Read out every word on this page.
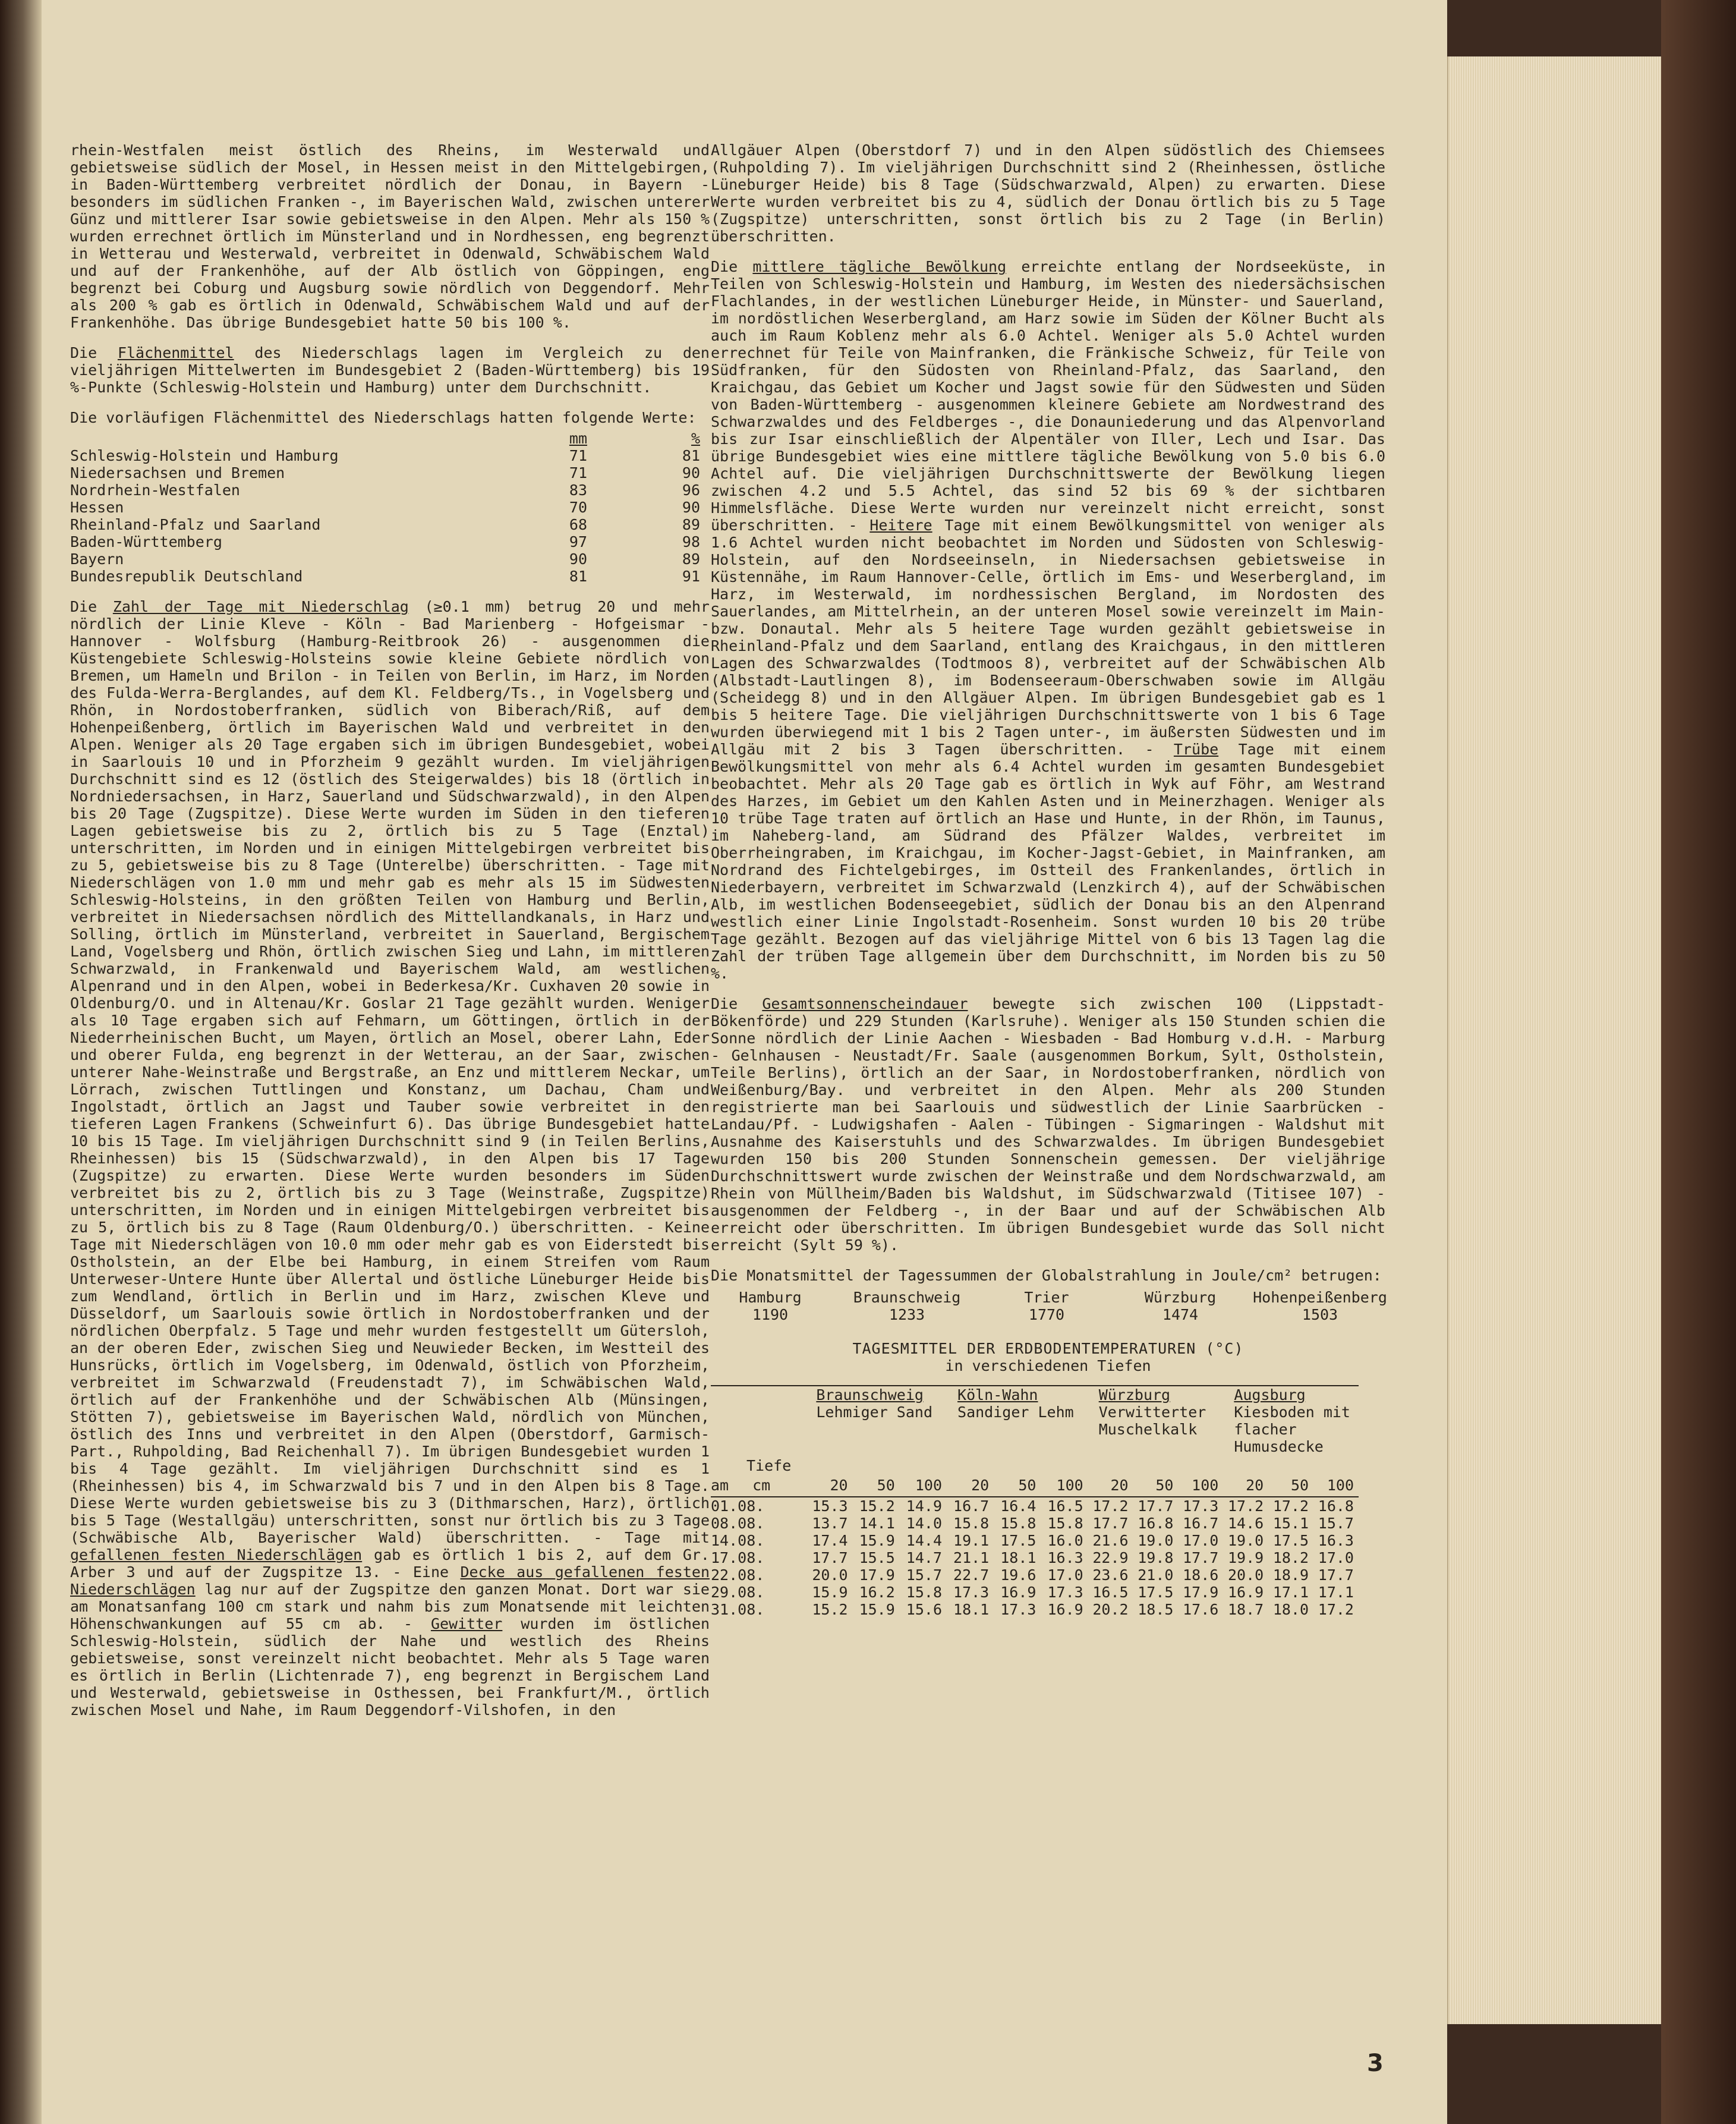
rhein-Westfalen meist östlich des Rheins, im Westerwald und gebietsweise südlich der Mosel, in Hessen meist in den Mittelgebirgen, in Baden-Württemberg verbreitet nördlich der Donau, in Bayern - besonders im südlichen Franken -, im Bayerischen Wald, zwischen unterer Günz und mittlerer Isar sowie gebietsweise in den Alpen. Mehr als 150 % wurden errechnet örtlich im Münsterland und in Nordhessen, eng begrenzt in Wetterau und Westerwald, verbreitet in Odenwald, Schwäbischem Wald und auf der Frankenhöhe, auf der Alb östlich von Göppingen, eng begrenzt bei Coburg und Augsburg sowie nördlich von Deggendorf. Mehr als 200 % gab es örtlich in Odenwald, Schwäbischem Wald und auf der Frankenhöhe. Das übrige Bundesgebiet hatte 50 bis 100 %.

Die Flächenmittel des Niederschlags lagen im Vergleich zu den vieljährigen Mittelwerten im Bundesgebiet 2 (Baden-Württemberg) bis 19 %-Punkte (Schleswig-Holstein und Hamburg) unter dem Durchschnitt.

Die vorläufigen Flächenmittel des Niederschlags hatten folgende Werte:

	mm	%
Schleswig-Holstein und Hamburg	71	81
Niedersachsen und Bremen	71	90
Nordrhein-Westfalen	83	96
Hessen	70	90
Rheinland-Pfalz und Saarland	68	89
Baden-Württemberg	97	98
Bayern	90	89
Bundesrepublik Deutschland	81	91

Die Zahl der Tage mit Niederschlag (≥0.1 mm) betrug 20 und mehr nördlich der Linie Kleve - Köln - Bad Marienberg - Hofgeismar - Hannover - Wolfsburg (Hamburg-Reitbrook 26) - ausgenommen die Küstengebiete Schleswig-Holsteins sowie kleine Gebiete nördlich von Bremen, um Hameln und Brilon - in Teilen von Berlin, im Harz, im Norden des Fulda-Werra-Berglandes, auf dem Kl. Feldberg/Ts., in Vogelsberg und Rhön, in Nordostoberfranken, südlich von Biberach/Riß, auf dem Hohenpeißenberg, örtlich im Bayerischen Wald und verbreitet in den Alpen. Weniger als 20 Tage ergaben sich im übrigen Bundesgebiet, wobei in Saarlouis 10 und in Pforzheim 9 gezählt wurden. Im vieljährigen Durchschnitt sind es 12 (östlich des Steigerwaldes) bis 18 (örtlich in Nordniedersachsen, in Harz, Sauerland und Südschwarzwald), in den Alpen bis 20 Tage (Zugspitze). Diese Werte wurden im Süden in den tieferen Lagen gebietsweise bis zu 2, örtlich bis zu 5 Tage (Enztal) unterschritten, im Norden und in einigen Mittelgebirgen verbreitet bis zu 5, gebietsweise bis zu 8 Tage (Unterelbe) überschritten. - Tage mit Niederschlägen von 1.0 mm und mehr gab es mehr als 15 im Südwesten Schleswig-Holsteins, in den größten Teilen von Hamburg und Berlin, verbreitet in Niedersachsen nördlich des Mittellandkanals, in Harz und Solling, örtlich im Münsterland, verbreitet in Sauerland, Bergischem Land, Vogelsberg und Rhön, örtlich zwischen Sieg und Lahn, im mittleren Schwarzwald, in Frankenwald und Bayerischem Wald, am westlichen Alpenrand und in den Alpen, wobei in Bederkesa/Kr. Cuxhaven 20 sowie in Oldenburg/O. und in Altenau/Kr. Goslar 21 Tage gezählt wurden. Weniger als 10 Tage ergaben sich auf Fehmarn, um Göttingen, örtlich in der Niederrheinischen Bucht, um Mayen, örtlich an Mosel, oberer Lahn, Eder und oberer Fulda, eng begrenzt in der Wetterau, an der Saar, zwischen unterer Nahe-Weinstraße und Bergstraße, an Enz und mittlerem Neckar, um Lörrach, zwischen Tuttlingen und Konstanz, um Dachau, Cham und Ingolstadt, örtlich an Jagst und Tauber sowie verbreitet in den tieferen Lagen Frankens (Schweinfurt 6). Das übrige Bundesgebiet hatte 10 bis 15 Tage. Im vieljährigen Durchschnitt sind 9 (in Teilen Berlins, Rheinhessen) bis 15 (Südschwarzwald), in den Alpen bis 17 Tage (Zugspitze) zu erwarten. Diese Werte wurden besonders im Süden verbreitet bis zu 2, örtlich bis zu 3 Tage (Weinstraße, Zugspitze) unterschritten, im Norden und in einigen Mittelgebirgen verbreitet bis zu 5, örtlich bis zu 8 Tage (Raum Oldenburg/O.) überschritten. - Keine Tage mit Niederschlägen von 10.0 mm oder mehr gab es von Eiderstedt bis Ostholstein, an der Elbe bei Hamburg, in einem Streifen vom Raum Unterweser-Untere Hunte über Allertal und östliche Lüneburger Heide bis zum Wendland, örtlich in Berlin und im Harz, zwischen Kleve und Düsseldorf, um Saarlouis sowie örtlich in Nordostoberfranken und der nördlichen Oberpfalz. 5 Tage und mehr wurden festgestellt um Gütersloh, an der oberen Eder, zwischen Sieg und Neuwieder Becken, im Westteil des Hunsrücks, örtlich im Vogelsberg, im Odenwald, östlich von Pforzheim, verbreitet im Schwarzwald (Freudenstadt 7), im Schwäbischen Wald, örtlich auf der Frankenhöhe und der Schwäbischen Alb (Münsingen, Stötten 7), gebietsweise im Bayerischen Wald, nördlich von München, östlich des Inns und verbreitet in den Alpen (Oberstdorf, Garmisch-Part., Ruhpolding, Bad Reichenhall 7). Im übrigen Bundesgebiet wurden 1 bis 4 Tage gezählt. Im vieljährigen Durchschnitt sind es 1 (Rheinhessen) bis 4, im Schwarzwald bis 7 und in den Alpen bis 8 Tage. Diese Werte wurden gebietsweise bis zu 3 (Dithmarschen, Harz), örtlich bis 5 Tage (Westallgäu) unterschritten, sonst nur örtlich bis zu 3 Tage (Schwäbische Alb, Bayerischer Wald) überschritten. - Tage mit gefallenen festen Niederschlägen gab es örtlich 1 bis 2, auf dem Gr. Arber 3 und auf der Zugspitze 13. - Eine Decke aus gefallenen festen Niederschlägen lag nur auf der Zugspitze den ganzen Monat. Dort war sie am Monatsanfang 100 cm stark und nahm bis zum Monatsende mit leichten Höhenschwankungen auf 55 cm ab. - Gewitter wurden im östlichen Schleswig-Holstein, südlich der Nahe und westlich des Rheins gebietsweise, sonst vereinzelt nicht beobachtet. Mehr als 5 Tage waren es örtlich in Berlin (Lichtenrade 7), eng begrenzt in Bergischem Land und Westerwald, gebietsweise in Osthessen, bei Frankfurt/M., örtlich zwischen Mosel und Nahe, im Raum Deggendorf-Vilshofen, in den

Allgäuer Alpen (Oberstdorf 7) und in den Alpen südöstlich des Chiemsees (Ruhpolding 7). Im vieljährigen Durchschnitt sind 2 (Rheinhessen, östliche Lüneburger Heide) bis 8 Tage (Südschwarzwald, Alpen) zu erwarten. Diese Werte wurden verbreitet bis zu 4, südlich der Donau örtlich bis zu 5 Tage (Zugspitze) unterschritten, sonst örtlich bis zu 2 Tage (in Berlin) überschritten.

Die mittlere tägliche Bewölkung erreichte entlang der Nordseeküste, in Teilen von Schleswig-Holstein und Hamburg, im Westen des niedersächsischen Flachlandes, in der westlichen Lüneburger Heide, in Münster- und Sauerland, im nordöstlichen Weserbergland, am Harz sowie im Süden der Kölner Bucht als auch im Raum Koblenz mehr als 6.0 Achtel. Weniger als 5.0 Achtel wurden errechnet für Teile von Mainfranken, die Fränkische Schweiz, für Teile von Südfranken, für den Südosten von Rheinland-Pfalz, das Saarland, den Kraichgau, das Gebiet um Kocher und Jagst sowie für den Südwesten und Süden von Baden-Württemberg - ausgenommen kleinere Gebiete am Nordwestrand des Schwarzwaldes und des Feldberges -, die Donauniederung und das Alpenvorland bis zur Isar einschließlich der Alpentäler von Iller, Lech und Isar. Das übrige Bundesgebiet wies eine mittlere tägliche Bewölkung von 5.0 bis 6.0 Achtel auf. Die vieljährigen Durchschnittswerte der Bewölkung liegen zwischen 4.2 und 5.5 Achtel, das sind 52 bis 69 % der sichtbaren Himmelsfläche. Diese Werte wurden nur vereinzelt nicht erreicht, sonst überschritten. - Heitere Tage mit einem Bewölkungsmittel von weniger als 1.6 Achtel wurden nicht beobachtet im Norden und Südosten von Schleswig-Holstein, auf den Nordseeinseln, in Niedersachsen gebietsweise in Küstennähe, im Raum Hannover-Celle, örtlich im Ems- und Weserbergland, im Harz, im Westerwald, im nordhessischen Bergland, im Nordosten des Sauerlandes, am Mittelrhein, an der unteren Mosel sowie vereinzelt im Main- bzw. Donautal. Mehr als 5 heitere Tage wurden gezählt gebietsweise in Rheinland-Pfalz und dem Saarland, entlang des Kraichgaus, in den mittleren Lagen des Schwarzwaldes (Todtmoos 8), verbreitet auf der Schwäbischen Alb (Albstadt-Lautlingen 8), im Bodenseeraum-Oberschwaben sowie im Allgäu (Scheidegg 8) und in den Allgäuer Alpen. Im übrigen Bundesgebiet gab es 1 bis 5 heitere Tage. Die vieljährigen Durchschnittswerte von 1 bis 6 Tage wurden überwiegend mit 1 bis 2 Tagen unter-, im äußersten Südwesten und im Allgäu mit 2 bis 3 Tagen überschritten. - Trübe Tage mit einem Bewölkungsmittel von mehr als 6.4 Achtel wurden im gesamten Bundesgebiet beobachtet. Mehr als 20 Tage gab es örtlich in Wyk auf Föhr, am Westrand des Harzes, im Gebiet um den Kahlen Asten und in Meinerzhagen. Weniger als 10 trübe Tage traten auf örtlich an Hase und Hunte, in der Rhön, im Taunus, im Naheberg-land, am Südrand des Pfälzer Waldes, verbreitet im Oberrheingraben, im Kraichgau, im Kocher-Jagst-Gebiet, in Mainfranken, am Nordrand des Fichtelgebirges, im Ostteil des Frankenlandes, örtlich in Niederbayern, verbreitet im Schwarzwald (Lenzkirch 4), auf der Schwäbischen Alb, im westlichen Bodenseegebiet, südlich der Donau bis an den Alpenrand westlich einer Linie Ingolstadt-Rosenheim. Sonst wurden 10 bis 20 trübe Tage gezählt. Bezogen auf das vieljährige Mittel von 6 bis 13 Tagen lag die Zahl der trüben Tage allgemein über dem Durchschnitt, im Norden bis zu 50 %.

Die Gesamtsonnenscheindauer bewegte sich zwischen 100 (Lippstadt-Bökenförde) und 229 Stunden (Karlsruhe). Weniger als 150 Stunden schien die Sonne nördlich der Linie Aachen - Wiesbaden - Bad Homburg v.d.H. - Marburg - Gelnhausen - Neustadt/Fr. Saale (ausgenommen Borkum, Sylt, Ostholstein, Teile Berlins), örtlich an der Saar, in Nordostoberfranken, nördlich von Weißenburg/Bay. und verbreitet in den Alpen. Mehr als 200 Stunden registrierte man bei Saarlouis und südwestlich der Linie Saarbrücken - Landau/Pf. - Ludwigshafen - Aalen - Tübingen - Sigmaringen - Waldshut mit Ausnahme des Kaiserstuhls und des Schwarzwaldes. Im übrigen Bundesgebiet wurden 150 bis 200 Stunden Sonnenschein gemessen. Der vieljährige Durchschnittswert wurde zwischen der Weinstraße und dem Nordschwarzwald, am Rhein von Müllheim/Baden bis Waldshut, im Südschwarzwald (Titisee 107) - ausgenommen der Feldberg -, in der Baar und auf der Schwäbischen Alb erreicht oder überschritten. Im übrigen Bundesgebiet wurde das Soll nicht erreicht (Sylt 59 %).

Die Monatsmittel der Tagessummen der Globalstrahlung in Joule/cm² betrugen:

Hamburg	Braunschweig	Trier	Würzburg	Hohenpeißenberg
1190	1233	1770	1474	1503
TAGESMITTEL DER ERDBODENTEMPERATUREN (°C)
in verschiedenen Tiefen
	Braunschweig			Köln-Wahn			Würzburg			Augsburg		
	Lehmiger Sand			Sandiger Lehm			Verwitterter Muschelkalk			Kiesboden mit flacher Humusdecke		
Tiefe												
am cm	20	50	100	20	50	100	20	50	100	20	50	100
01.08.	15.3	15.2	14.9	16.7	16.4	16.5	17.2	17.7	17.3	17.2	17.2	16.8
08.08.	13.7	14.1	14.0	15.8	15.8	15.8	17.7	16.8	16.7	14.6	15.1	15.7
14.08.	17.4	15.9	14.4	19.1	17.5	16.0	21.6	19.0	17.0	19.0	17.5	16.3
17.08.	17.7	15.5	14.7	21.1	18.1	16.3	22.9	19.8	17.7	19.9	18.2	17.0
22.08.	20.0	17.9	15.7	22.7	19.6	17.0	23.6	21.0	18.6	20.0	18.9	17.7
29.08.	15.9	16.2	15.8	17.3	16.9	17.3	16.5	17.5	17.9	16.9	17.1	17.1
31.08.	15.2	15.9	15.6	18.1	17.3	16.9	20.2	18.5	17.6	18.7	18.0	17.2
3
